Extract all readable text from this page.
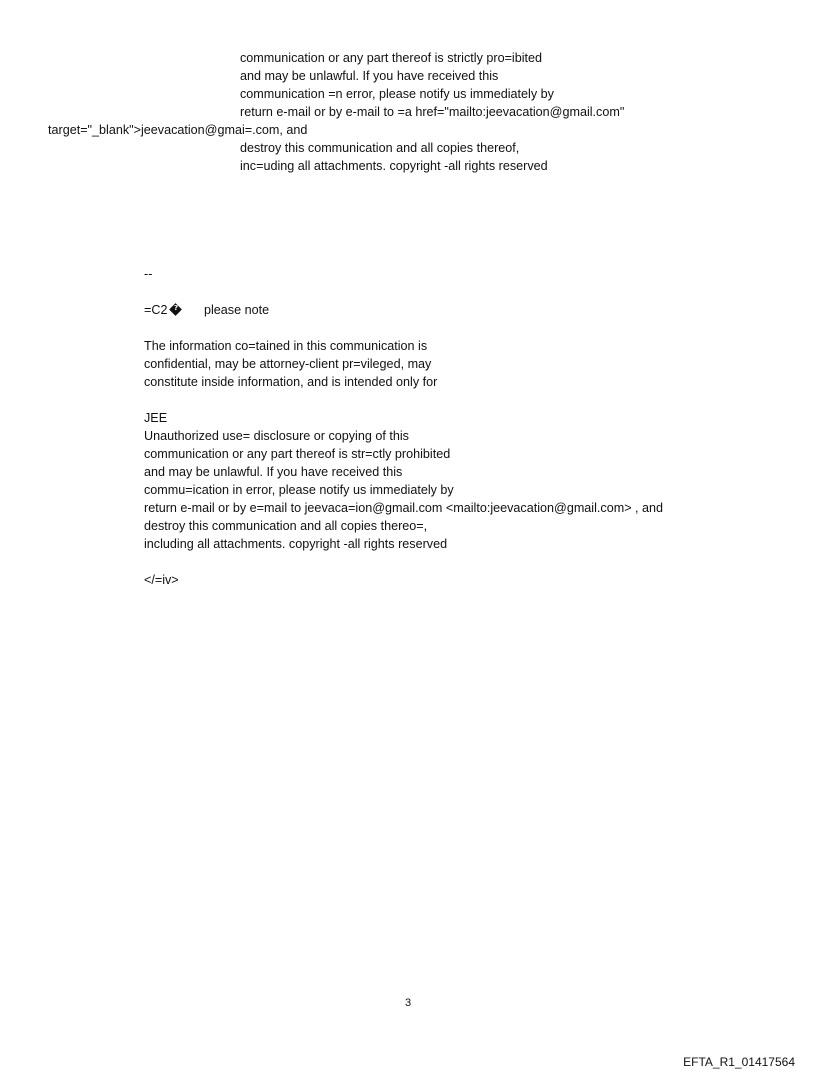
communication or any part thereof is strictly pro=ibited
and may be unlawful. If you have received this
communication =n error, please notify us immediately by
return e-mail or by e-mail to =a href="mailto:jeevacation@gmail.com"
target="_blank">jeevacation@gmai=.com, and
destroy this communication and all copies thereof,
inc=uding all attachments. copyright -all rights reserved
--
=C2 ?	please note
The information co=tained in this communication is
confidential, may be attorney-client pr=vileged, may
constitute inside information, and is intended only for
JEE
Unauthorized use= disclosure or copying of this
communication or any part thereof is str=ctly prohibited
and may be unlawful. If you have received this
commu=ication in error, please notify us immediately by
return e-mail or by e=mail to jeevaca=ion@gmail.com <mailto:jeevacation@gmail.com> , and
destroy this communication and all copies thereo=,
including all attachments. copyright -all rights reserved
</=iv>
3
EFTA_R1_01417564
